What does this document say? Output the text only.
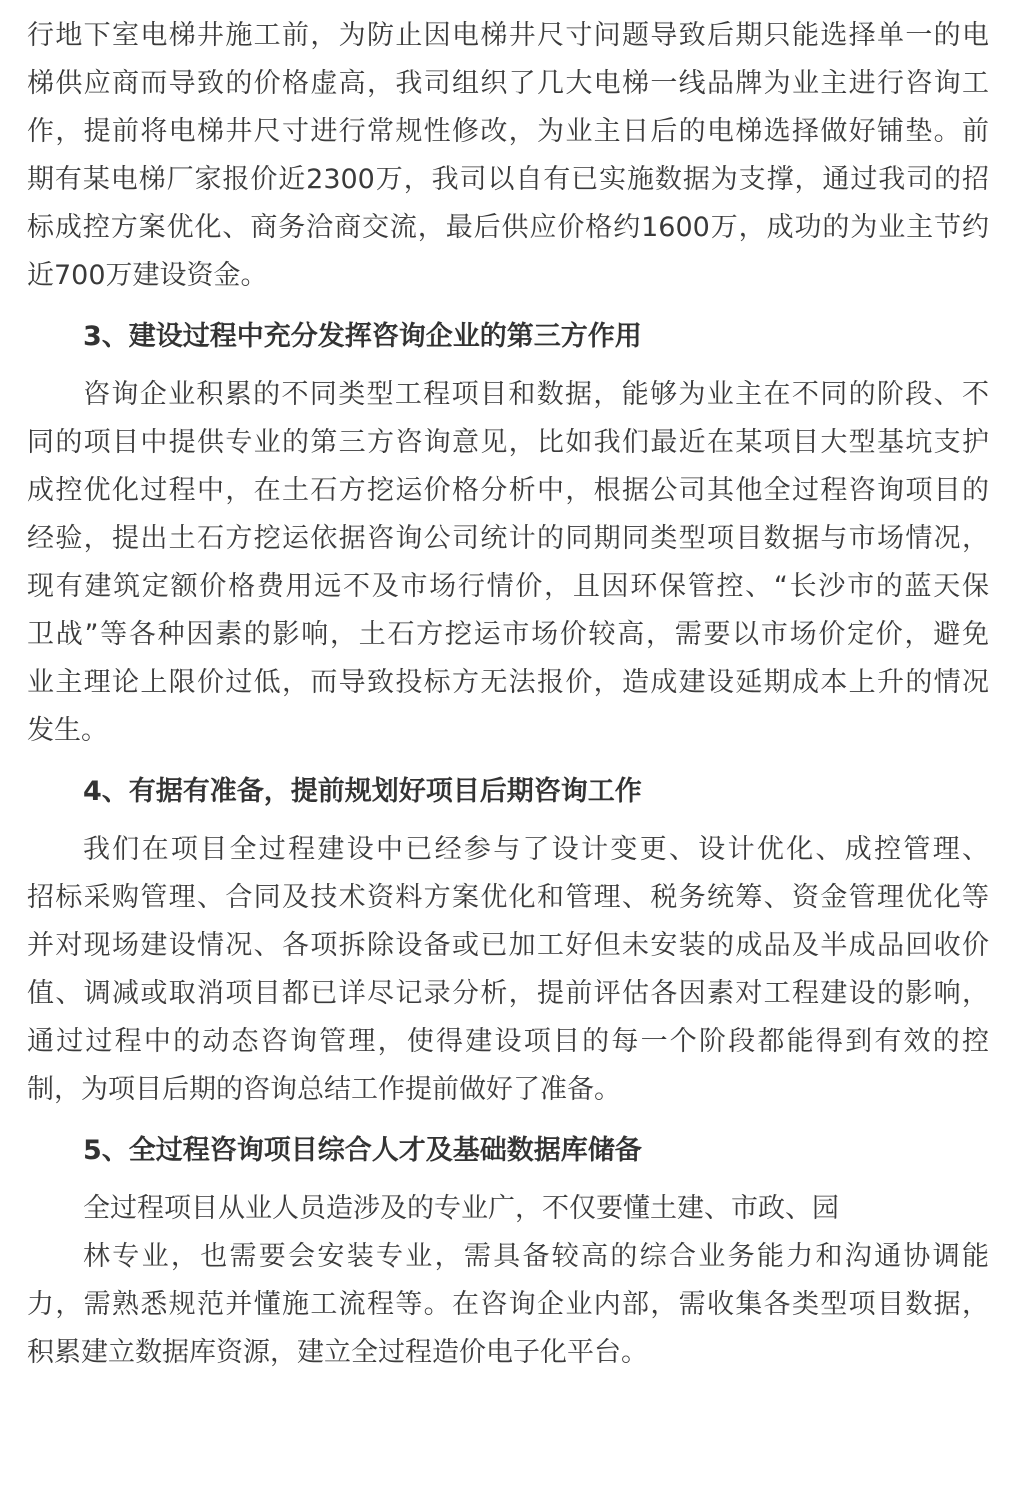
行地下室电梯井施工前，为防止因电梯井尺寸问题导致后期只能选择单一的电
梯供应商而导致的价格虚高，我司组织了几大电梯一线品牌为业主进行咨询工
作，提前将电梯井尺寸进行常规性修改，为业主日后的电梯选择做好铺垫。前
期有某电梯厂家报价近2300万，我司以自有已实施数据为支撑，通过我司的招
标成控方案优化、商务洽商交流，最后供应价格约1600万，成功的为业主节约
近700万建设资金。
3、建设过程中充分发挥咨询企业的第三方作用
咨询企业积累的不同类型工程项目和数据，能够为业主在不同的阶段、不
同的项目中提供专业的第三方咨询意见，比如我们最近在某项目大型基坑支护
成控优化过程中，在土石方挖运价格分析中，根据公司其他全过程咨询项目的
经验，提出土石方挖运依据咨询公司统计的同期同类型项目数据与市场情况，
现有建筑定额价格费用远不及市场行情价，且因环保管控、“长沙市的蓝天保
卫战”等各种因素的影响，土石方挖运市场价较高，需要以市场价定价，避免
业主理论上限价过低，而导致投标方无法报价，造成建设延期成本上升的情况
发生。
4、有据有准备，提前规划好项目后期咨询工作
我们在项目全过程建设中已经参与了设计变更、设计优化、成控管理、
招标采购管理、合同及技术资料方案优化和管理、税务统筹、资金管理优化等
并对现场建设情况、各项拆除设备或已加工好但未安装的成品及半成品回收价
值、调减或取消项目都已详尽记录分析，提前评估各因素对工程建设的影响，
通过过程中的动态咨询管理，使得建设项目的每一个阶段都能得到有效的控
制，为项目后期的咨询总结工作提前做好了准备。
5、全过程咨询项目综合人才及基础数据库储备
全过程项目从业人员造涉及的专业广，不仅要懂土建、市政、园
林专业，也需要会安装专业，需具备较高的综合业务能力和沟通协调能
力，需熟悉规范并懂施工流程等。在咨询企业内部，需收集各类型项目数据，
积累建立数据库资源，建立全过程造价电子化平台。
